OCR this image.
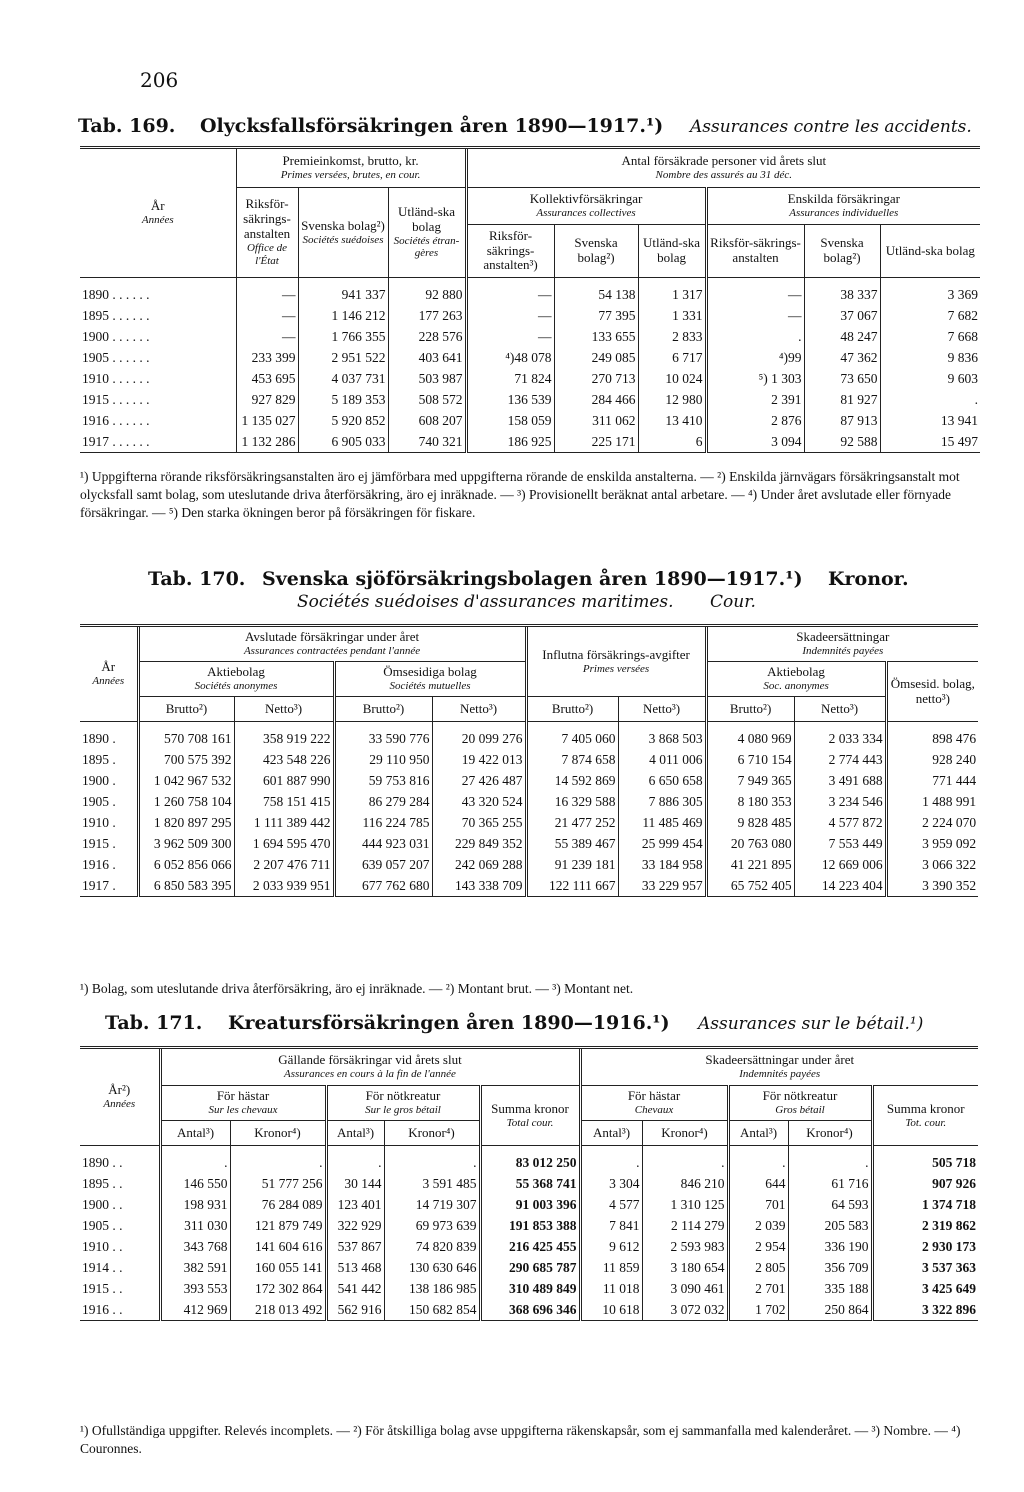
206
Tab. 169. Olycksfallsförsäkringen åren 1890—1917.¹) Assurances contre les accidents.
År
Années	Premieinkomst, brutto, kr.
Primes versées, brutes, en cour.			Antal försäkrade personer vid årets slut
Nombre des assurés au 31 déc.					

	Riksför-säkrings-anstalten
Office de l'État	Svenska bolag²)
Sociétés suédoises	Utländ-ska bolag
Sociétés étran-gères	Kollektivförsäkringar
Assurances collectives			Enskilda försäkringar
Assurances individuelles		

				Riksför-säkrings-anstalten³)	Svenska bolag²)	Utländ-ska bolag	Riksför-säkrings-anstalten	Svenska bolag²)	Utländ-ska bolag
1890 . . . . . .	—	941 337	92 880	—	54 138	1 317	—	38 337	3 369
1895 . . . . . .	—	1 146 212	177 263	—	77 395	1 331	—	37 067	7 682
1900 . . . . . .	—	1 766 355	228 576	—	133 655	2 833	.	48 247	7 668
1905 . . . . . .	233 399	2 951 522	403 641	⁴)48 078	249 085	6 717	⁴)99	47 362	9 836
1910 . . . . . .	453 695	4 037 731	503 987	71 824	270 713	10 024	⁵) 1 303	73 650	9 603
1915 . . . . . .	927 829	5 189 353	508 572	136 539	284 466	12 980	2 391	81 927	.
1916 . . . . . .	1 135 027	5 920 852	608 207	158 059	311 062	13 410	2 876	87 913	13 941
1917 . . . . . .	1 132 286	6 905 033	740 321	186 925	225 171	6	3 094	92 588	15 497
¹) Uppgifterna rörande riksförsäkringsanstalten äro ej jämförbara med uppgifterna rörande de enskilda anstalterna. — ²) Enskilda järnvägars försäkringsanstalt mot olycksfall samt bolag, som uteslutande driva återförsäkring, äro ej inräknade. — ³) Provisionellt beräknat antal arbetare. — ⁴) Under året avslutade eller förnyade försäkringar. — ⁵) Den starka ökningen beror på försäkringen för fiskare.
Tab. 170. Svenska sjöförsäkringsbolagen åren 1890—1917.¹) Kronor.
Sociétés suédoises d'assurances maritimes. Cour.
År
Années	Avslutade försäkringar under året
Assurances contractées pendant l'année				Influtna försäkrings-avgifter
Primes versées		Skadeersättningar
Indemnités payées		

	Aktiebolag
Sociétés anonymes		Ömsesidiga bolag
Sociétés mutuelles				Aktiebolag
Soc. anonymes		Ömsesid. bolag, netto³)
	Brutto²)	Netto³)	Brutto²)	Netto³)	Brutto²)	Netto³)	Brutto²)	Netto³)	
1890 .	570 708 161	358 919 222	33 590 776	20 099 276	7 405 060	3 868 503	4 080 969	2 033 334	898 476
1895 .	700 575 392	423 548 226	29 110 950	19 422 013	7 874 658	4 011 006	6 710 154	2 774 443	928 240
1900 .	1 042 967 532	601 887 990	59 753 816	27 426 487	14 592 869	6 650 658	7 949 365	3 491 688	771 444
1905 .	1 260 758 104	758 151 415	86 279 284	43 320 524	16 329 588	7 886 305	8 180 353	3 234 546	1 488 991
1910 .	1 820 897 295	1 111 389 442	116 224 785	70 365 255	21 477 252	11 485 469	9 828 485	4 577 872	2 224 070
1915 .	3 962 509 300	1 694 595 470	444 923 031	229 849 352	55 389 467	25 999 454	20 763 080	7 553 449	3 959 092
1916 .	6 052 856 066	2 207 476 711	639 057 207	242 069 288	91 239 181	33 184 958	41 221 895	12 669 006	3 066 322
1917 .	6 850 583 395	2 033 939 951	677 762 680	143 338 709	122 111 667	33 229 957	65 752 405	14 223 404	3 390 352
¹) Bolag, som uteslutande driva återförsäkring, äro ej inräknade. — ²) Montant brut. — ³) Montant net.
Tab. 171. Kreatursförsäkringen åren 1890—1916.¹) Assurances sur le bétail.¹)
År²)
Années	Gällande försäkringar vid årets slut
Assurances en cours à la fin de l'année					Skadeersättningar under året
Indemnités payées				

	För hästar
Sur les chevaux		För nötkreatur
Sur le gros bétail		Summa kronor
Total cour.	För hästar
Chevaux		För nötkreatur
Gros bétail		Summa kronor
Tot. cour.

	Antal³)	Kronor⁴)	Antal³)	Kronor⁴)		Antal³)	Kronor⁴)	Antal³)	Kronor⁴)	
1890 . .	.	.	.	.	83 012 250	.	.	.	.	505 718
1895 . .	146 550	51 777 256	30 144	3 591 485	55 368 741	3 304	846 210	644	61 716	907 926
1900 . .	198 931	76 284 089	123 401	14 719 307	91 003 396	4 577	1 310 125	701	64 593	1 374 718
1905 . .	311 030	121 879 749	322 929	69 973 639	191 853 388	7 841	2 114 279	2 039	205 583	2 319 862
1910 . .	343 768	141 604 616	537 867	74 820 839	216 425 455	9 612	2 593 983	2 954	336 190	2 930 173
1914 . .	382 591	160 055 141	513 468	130 630 646	290 685 787	11 859	3 180 654	2 805	356 709	3 537 363
1915 . .	393 553	172 302 864	541 442	138 186 985	310 489 849	11 018	3 090 461	2 701	335 188	3 425 649
1916 . .	412 969	218 013 492	562 916	150 682 854	368 696 346	10 618	3 072 032	1 702	250 864	3 322 896
¹) Ofullständiga uppgifter. Relevés incomplets. — ²) För åtskilliga bolag avse uppgifterna räkenskapsår, som ej sammanfalla med kalenderåret. — ³) Nombre. — ⁴) Couronnes.
